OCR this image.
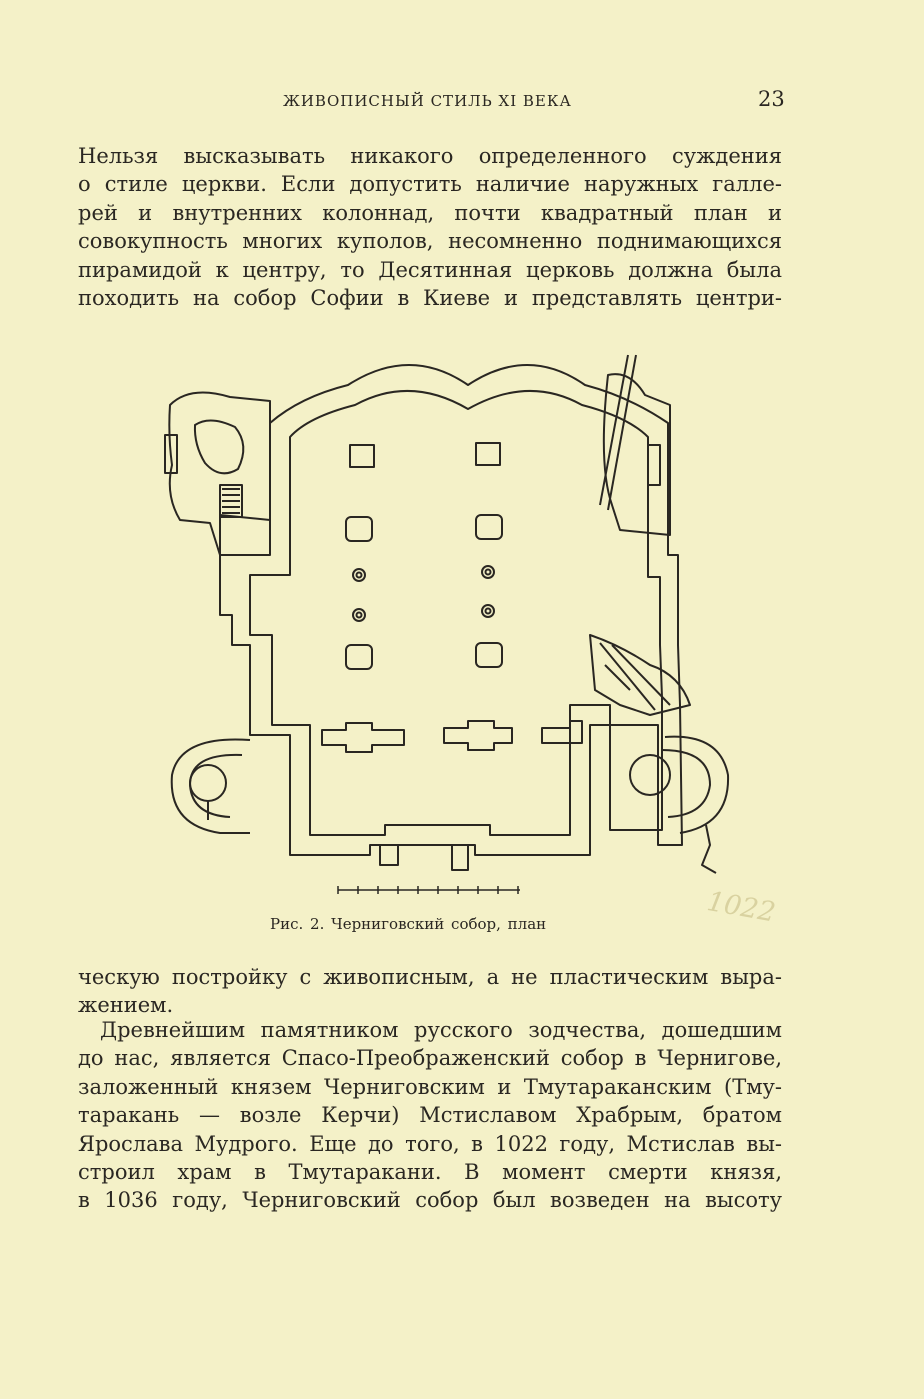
ЖИВОПИСНЫЙ СТИЛЬ XI ВЕКА	23
Нельзя высказывать никакого определенного суждения
о стиле церкви. Если допустить наличие наружных галле-
рей и внутренних колоннад, почти квадратный план и
совокупность многих куполов, несомненно поднимающихся
пирамидой к центру, то Десятинная церковь должна была
походить на собор Софии в Киеве и представлять центри-
Рис. 2. Черниговский собор, план	1022
ческую постройку с живописным, а не пластическим выра-
жением.
Древнейшим памятником русского зодчества, дошедшим
до нас, является Спасо-Преображенский собор в Чернигове,
заложенный князем Черниговским и Тмутараканским (Тму-
таракань — возле Керчи) Мстиславом Храбрым, братом
Ярослава Мудрого. Еще до того, в 1022 году, Мстислав вы-
строил храм в Тмутаракани. В момент смерти князя,
в 1036 году, Черниговский собор был возведен на высоту
